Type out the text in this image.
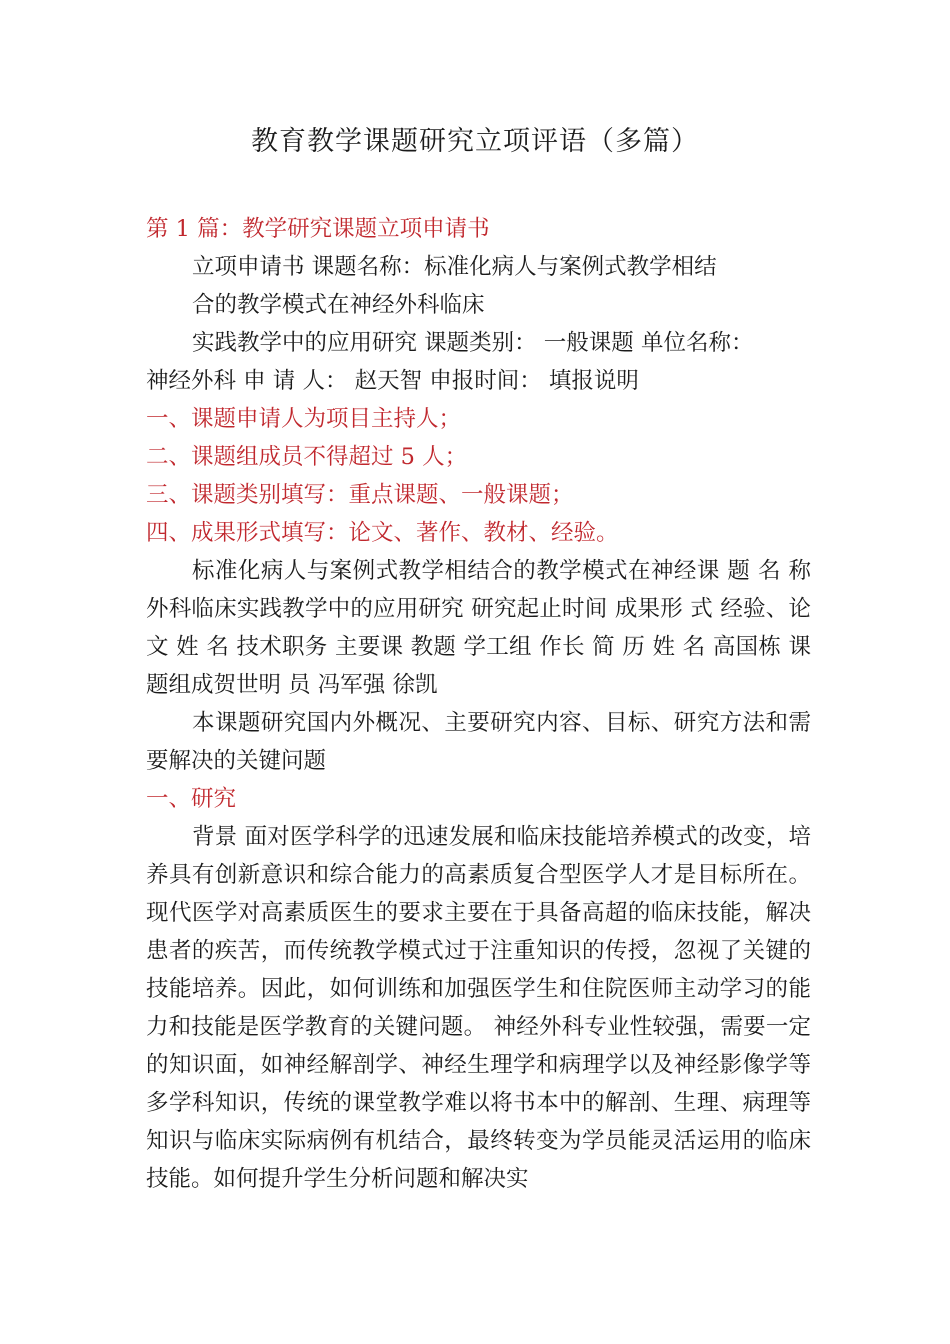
教育教学课题研究立项评语（多篇）

第 1 篇：教学研究课题立项申请书

立项申请书 课题名称：标准化病人与案例式教学相结

合的教学模式在神经外科临床

实践教学中的应用研究 课题类别： 一般课题 单位名称：

神经外科 申 请 人： 赵天智 申报时间： 填报说明

一、课题申请人为项目主持人；

二、课题组成员不得超过 5 人；

三、课题类别填写：重点课题、一般课题；

四、成果形式填写：论文、著作、教材、经验。

标准化病人与案例式教学相结合的教学模式在神经课 题 名 称 外科临床实践教学中的应用研究 研究起止时间 成果形 式 经验、论文 姓 名 技术职务 主要课 教题 学工组 作长 简 历 姓 名 高国栋 课题组成贺世明 员 冯军强 徐凯

本课题研究国内外概况、主要研究内容、目标、研究方法和需要解决的关键问题

一、研究

背景 面对医学科学的迅速发展和临床技能培养模式的改变，培养具有创新意识和综合能力的高素质复合型医学人才是目标所在。现代医学对高素质医生的要求主要在于具备高超的临床技能，解决患者的疾苦，而传统教学模式过于注重知识的传授，忽视了关键的技能培养。因此，如何训练和加强医学生和住院医师主动学习的能力和技能是医学教育的关键问题。 神经外科专业性较强，需要一定的知识面，如神经解剖学、神经生理学和病理学以及神经影像学等多学科知识，传统的课堂教学难以将书本中的解剖、生理、病理等知识与临床实际病例有机结合，最终转变为学员能灵活运用的临床技能。如何提升学生分析问题和解决实
